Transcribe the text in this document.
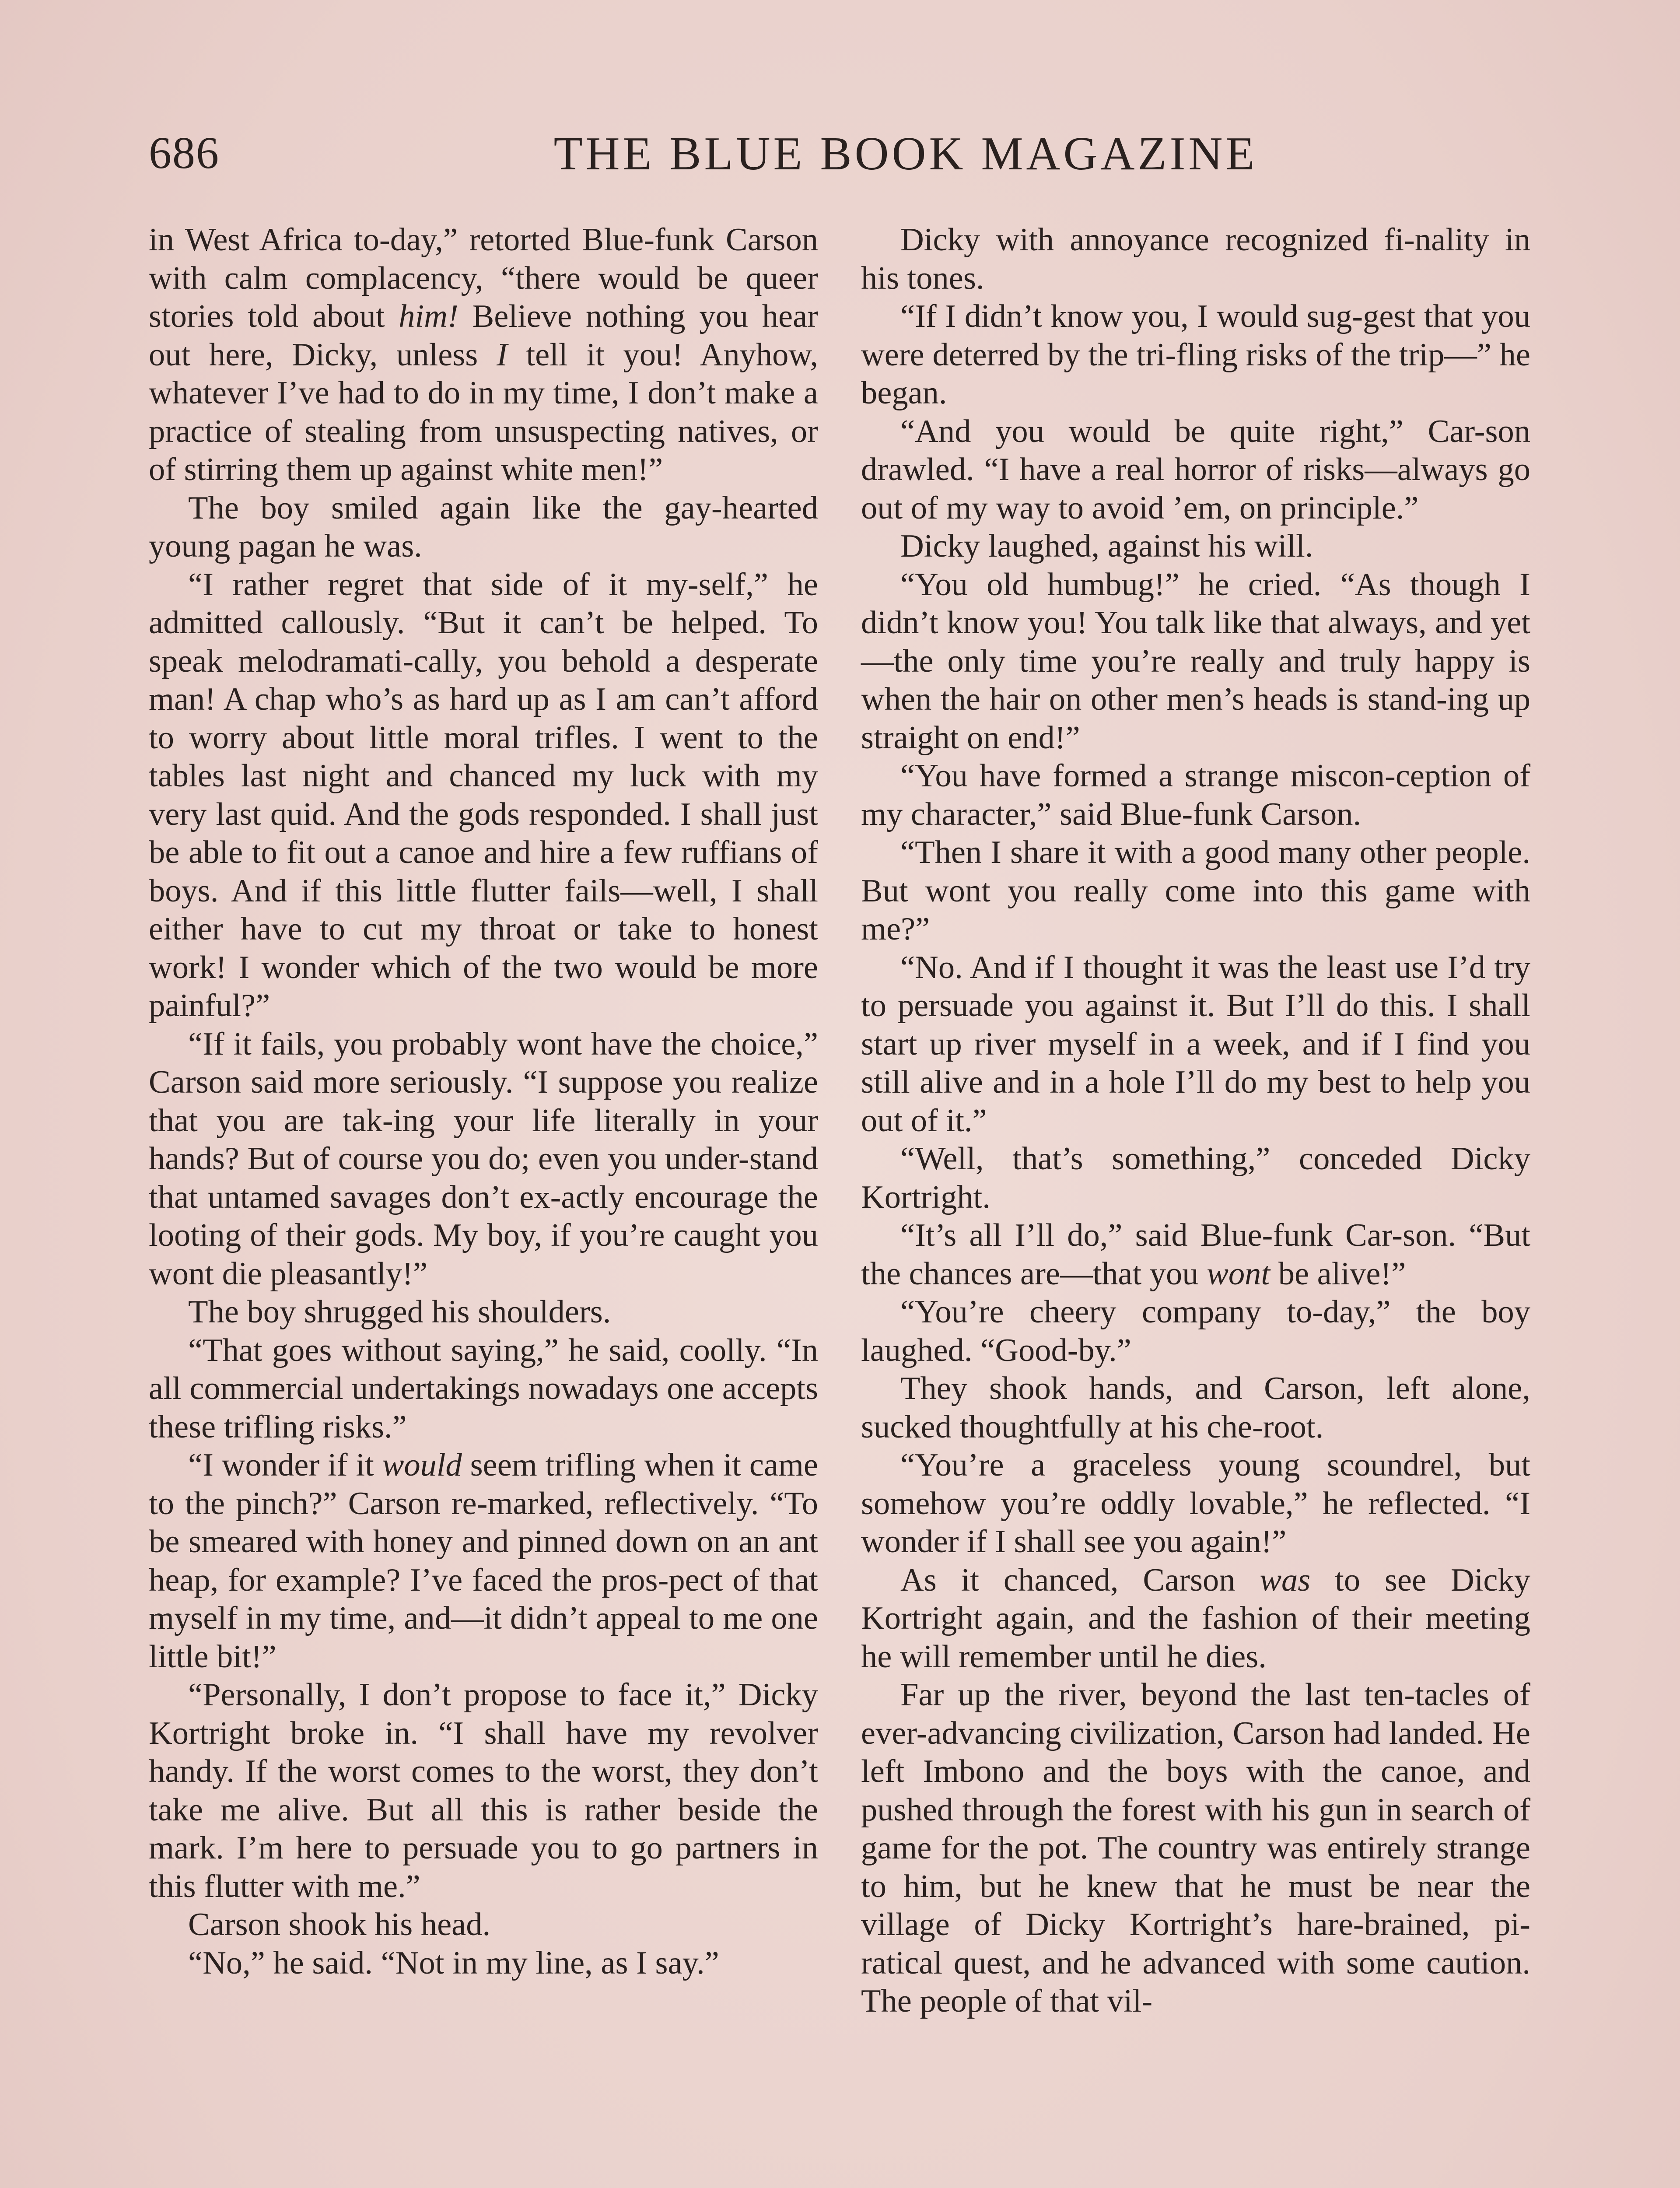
686	THE BLUE BOOK MAGAZINE

in West Africa to-day,” retorted Blue-funk Carson with calm complacency, “there would be queer stories told about him! Believe nothing you hear out here, Dicky, unless I tell it you! Anyhow, whatever I’ve had to do in my time, I don’t make a practice of stealing from unsuspecting natives, or of stirring them up against white men!”

The boy smiled again like the gay-hearted young pagan he was.

“I rather regret that side of it my-self,” he admitted callously. “But it can’t be helped. To speak melodramati-cally, you behold a desperate man! A chap who’s as hard up as I am can’t afford to worry about little moral trifles. I went to the tables last night and chanced my luck with my very last quid. And the gods responded. I shall just be able to fit out a canoe and hire a few ruffians of boys. And if this little flutter fails—well, I shall either have to cut my throat or take to honest work! I wonder which of the two would be more painful?”

“If it fails, you probably wont have the choice,” Carson said more seriously. “I suppose you realize that you are tak-ing your life literally in your hands? But of course you do; even you under-stand that untamed savages don’t ex-actly encourage the looting of their gods. My boy, if you’re caught you wont die pleasantly!”

The boy shrugged his shoulders.

“That goes without saying,” he said, coolly. “In all commercial undertakings nowadays one accepts these trifling risks.”

“I wonder if it would seem trifling when it came to the pinch?” Carson re-marked, reflectively. “To be smeared with honey and pinned down on an ant heap, for example? I’ve faced the pros-pect of that myself in my time, and—it didn’t appeal to me one little bit!”

“Personally, I don’t propose to face it,” Dicky Kortright broke in. “I shall have my revolver handy. If the worst comes to the worst, they don’t take me alive. But all this is rather beside the mark. I’m here to persuade you to go partners in this flutter with me.”

Carson shook his head.

“No,” he said. “Not in my line, as I say.”

Dicky with annoyance recognized fi-nality in his tones.

“If I didn’t know you, I would sug-gest that you were deterred by the tri-fling risks of the trip—” he began.

“And you would be quite right,” Car-son drawled. “I have a real horror of risks—always go out of my way to avoid ’em, on principle.”

Dicky laughed, against his will.

“You old humbug!” he cried. “As though I didn’t know you! You talk like that always, and yet—the only time you’re really and truly happy is when the hair on other men’s heads is stand-ing up straight on end!”

“You have formed a strange miscon-ception of my character,” said Blue-funk Carson.

“Then I share it with a good many other people. But wont you really come into this game with me?”

“No. And if I thought it was the least use I’d try to persuade you against it. But I’ll do this. I shall start up river myself in a week, and if I find you still alive and in a hole I’ll do my best to help you out of it.”

“Well, that’s something,” conceded Dicky Kortright.

“It’s all I’ll do,” said Blue-funk Car-son. “But the chances are—that you wont be alive!”

“You’re cheery company to-day,” the boy laughed. “Good-by.”

They shook hands, and Carson, left alone, sucked thoughtfully at his che-root.

“You’re a graceless young scoundrel, but somehow you’re oddly lovable,” he reflected. “I wonder if I shall see you again!”

As it chanced, Carson was to see Dicky Kortright again, and the fashion of their meeting he will remember until he dies.

Far up the river, beyond the last ten-tacles of ever-advancing civilization, Carson had landed. He left Imbono and the boys with the canoe, and pushed through the forest with his gun in search of game for the pot. The country was entirely strange to him, but he knew that he must be near the village of Dicky Kortright’s hare-brained, pi-ratical quest, and he advanced with some caution. The people of that vil-
